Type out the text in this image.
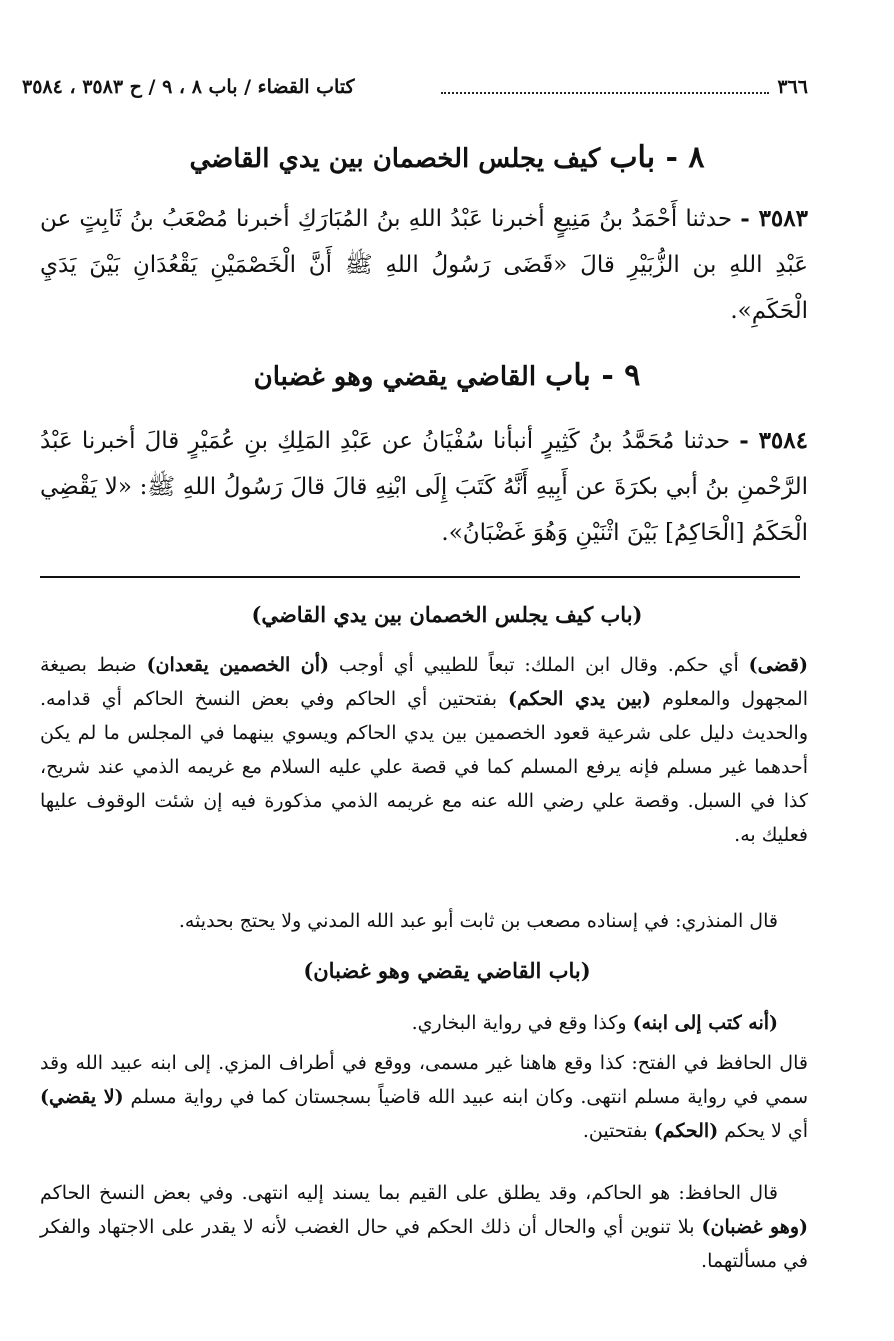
٣٦٦
كتاب القضاء / باب ٨ ، ٩ / ح ٣٥٨٣ ، ٣٥٨٤
٨ - باب كيف يجلس الخصمان بين يدي القاضي
٣٥٨٣ - حدثنا أَحْمَدُ بنُ مَنِيعٍ أخبرنا عَبْدُ اللهِ بنُ المُبَارَكِ أخبرنا مُصْعَبُ بنُ ثَابِتٍ عن عَبْدِ اللهِ بن الزُّبَيْرِ قالَ «قَضَى رَسُولُ اللهِ ﷺ أَنَّ الْخَصْمَيْنِ يَقْعُدَانِ بَيْنَ يَدَيِ الْحَكَمِ».
٩ - باب القاضي يقضي وهو غضبان
٣٥٨٤ - حدثنا مُحَمَّدُ بنُ كَثِيرٍ أنبأنا سُفْيَانُ عن عَبْدِ المَلِكِ بنِ عُمَيْرٍ قالَ أخبرنا عَبْدُ الرَّحْمنِ بنُ أبي بكرَةَ عن أَبِيهِ أَنَّهُ كَتَبَ إِلَى ابْنِهِ قالَ قالَ رَسُولُ اللهِ ﷺ: «لا يَقْضِي الْحَكَمُ [الْحَاكِمُ] بَيْنَ اثْنَيْنِ وَهُوَ غَضْبَانُ».
(باب كيف يجلس الخصمان بين يدي القاضي)
(قضى) أي حكم. وقال ابن الملك: تبعاً للطيبي أي أوجب (أن الخصمين يقعدان) ضبط بصيغة المجهول والمعلوم (بين يدي الحكم) بفتحتين أي الحاكم وفي بعض النسخ الحاكم أي قدامه. والحديث دليل على شرعية قعود الخصمين بين يدي الحاكم ويسوي بينهما في المجلس ما لم يكن أحدهما غير مسلم فإنه يرفع المسلم كما في قصة علي عليه السلام مع غريمه الذمي عند شريح، كذا في السبل. وقصة علي رضي الله عنه مع غريمه الذمي مذكورة فيه إن شئت الوقوف عليها فعليك به.
قال المنذري: في إسناده مصعب بن ثابت أبو عبد الله المدني ولا يحتج بحديثه.
(باب القاضي يقضي وهو غضبان)
(أنه كتب إلى ابنه) وكذا وقع في رواية البخاري.
قال الحافظ في الفتح: كذا وقع هاهنا غير مسمى، ووقع في أطراف المزي. إلى ابنه عبيد الله وقد سمي في رواية مسلم انتهى. وكان ابنه عبيد الله قاضياً بسجستان كما في رواية مسلم (لا يقضي) أي لا يحكم (الحكم) بفتحتين.
قال الحافظ: هو الحاكم، وقد يطلق على القيم بما يسند إليه انتهى. وفي بعض النسخ الحاكم (وهو غضبان) بلا تنوين أي والحال أن ذلك الحكم في حال الغضب لأنه لا يقدر على الاجتهاد والفكر في مسألتهما.
